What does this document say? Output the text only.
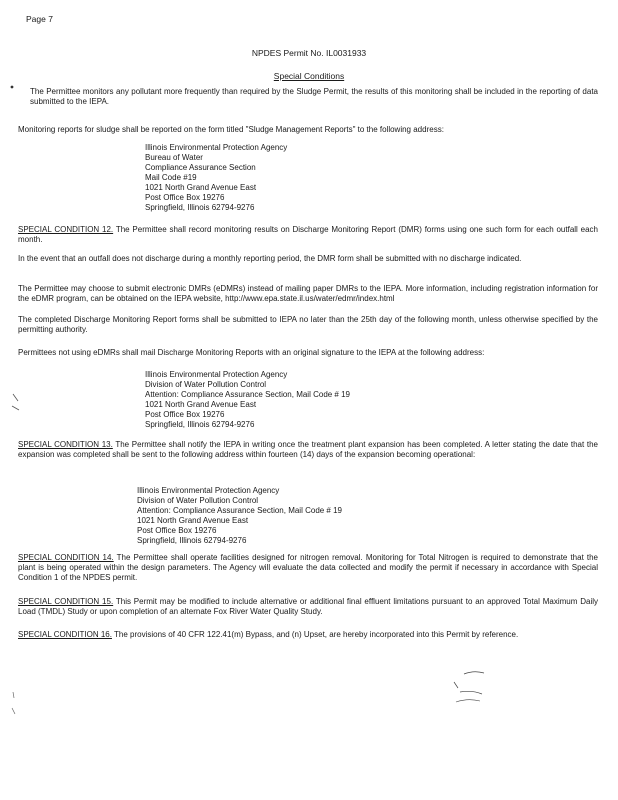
Page 7
NPDES Permit No. IL0031933
Special Conditions
The Permittee monitors any pollutant more frequently than required by the Sludge Permit, the results of this monitoring shall be included in the reporting of data submitted to the IEPA.
Monitoring reports for sludge shall be reported on the form titled "Sludge Management Reports" to the following address:
Illinois Environmental Protection Agency
Bureau of Water
Compliance Assurance Section
Mail Code #19
1021 North Grand Avenue East
Post Office Box 19276
Springfield, Illinois 62794-9276
SPECIAL CONDITION 12. The Permittee shall record monitoring results on Discharge Monitoring Report (DMR) forms using one such form for each outfall each month.
In the event that an outfall does not discharge during a monthly reporting period, the DMR form shall be submitted with no discharge indicated.
The Permittee may choose to submit electronic DMRs (eDMRs) instead of mailing paper DMRs to the IEPA. More information, including registration information for the eDMR program, can be obtained on the IEPA website, http://www.epa.state.il.us/water/edmr/index.html
The completed Discharge Monitoring Report forms shall be submitted to IEPA no later than the 25th day of the following month, unless otherwise specified by the permitting authority.
Permittees not using eDMRs shall mail Discharge Monitoring Reports with an original signature to the IEPA at the following address:
Illinois Environmental Protection Agency
Division of Water Pollution Control
Attention: Compliance Assurance Section, Mail Code # 19
1021 North Grand Avenue East
Post Office Box 19276
Springfield, Illinois 62794-9276
SPECIAL CONDITION 13. The Permittee shall notify the IEPA in writing once the treatment plant expansion has been completed. A letter stating the date that the expansion was completed shall be sent to the following address within fourteen (14) days of the expansion becoming operational:
Illinois Environmental Protection Agency
Division of Water Pollution Control
Attention: Compliance Assurance Section, Mail Code # 19
1021 North Grand Avenue East
Post Office Box 19276
Springfield, Illinois 62794-9276
SPECIAL CONDITION 14. The Permittee shall operate facilities designed for nitrogen removal. Monitoring for Total Nitrogen is required to demonstrate that the plant is being operated within the design parameters. The Agency will evaluate the data collected and modify the permit if necessary in accordance with Special Condition 1 of the NPDES permit.
SPECIAL CONDITION 15. This Permit may be modified to include alternative or additional final effluent limitations pursuant to an approved Total Maximum Daily Load (TMDL) Study or upon completion of an alternate Fox River Water Quality Study.
SPECIAL CONDITION 16. The provisions of 40 CFR 122.41(m) Bypass, and (n) Upset, are hereby incorporated into this Permit by reference.
